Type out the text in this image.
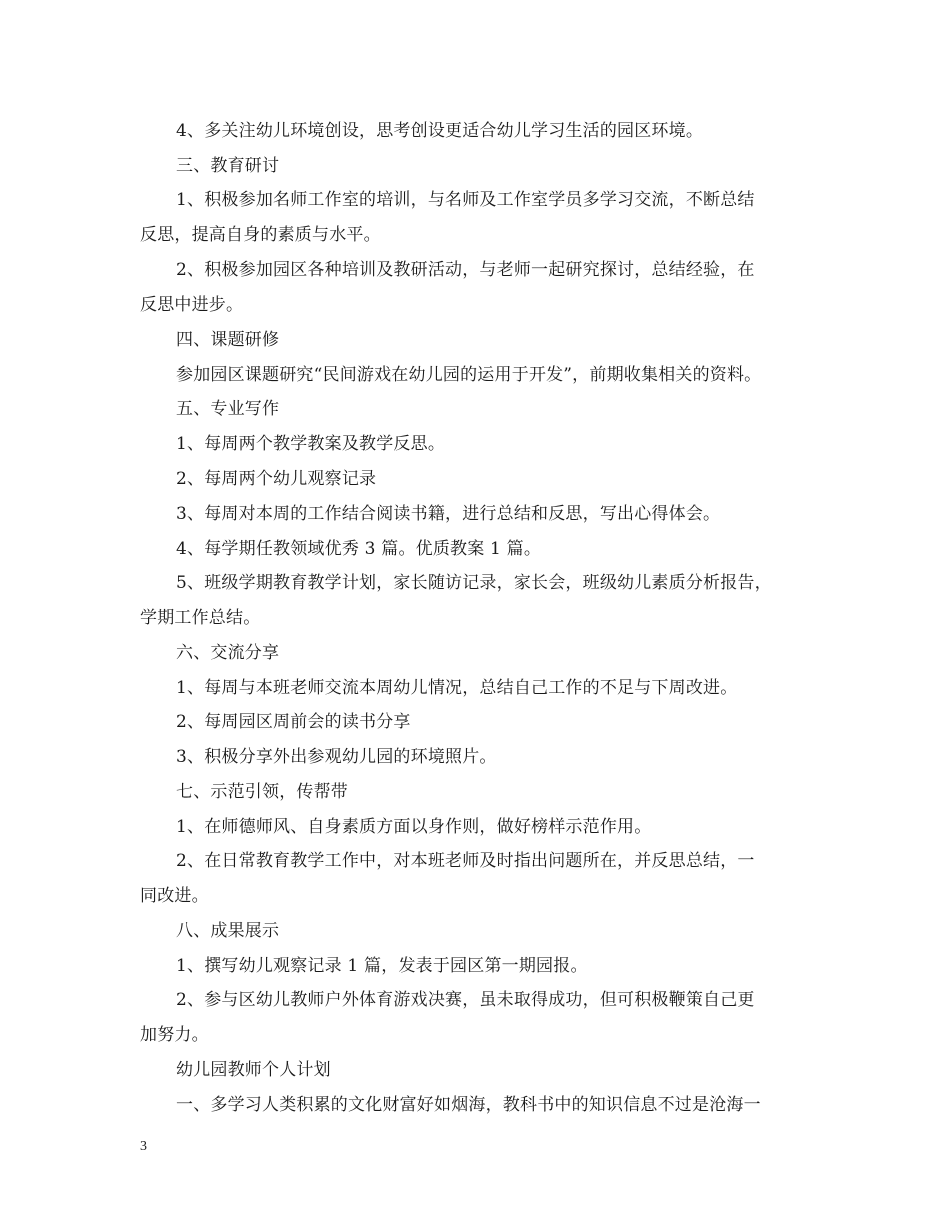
4、多关注幼儿环境创设，思考创设更适合幼儿学习生活的园区环境。
三、教育研讨
1、积极参加名师工作室的培训，与名师及工作室学员多学习交流，不断总结
反思，提高自身的素质与水平。
2、积极参加园区各种培训及教研活动，与老师一起研究探讨，总结经验，在
反思中进步。
四、课题研修
参加园区课题研究“民间游戏在幼儿园的运用于开发”，前期收集相关的资料。
五、专业写作
1、每周两个教学教案及教学反思。
2、每周两个幼儿观察记录
3、每周对本周的工作结合阅读书籍，进行总结和反思，写出心得体会。
4、每学期任教领域优秀 3 篇。优质教案 1 篇。
5、班级学期教育教学计划，家长随访记录，家长会，班级幼儿素质分析报告，
学期工作总结。
六、交流分享
1、每周与本班老师交流本周幼儿情况，总结自己工作的不足与下周改进。
2、每周园区周前会的读书分享
3、积极分享外出参观幼儿园的环境照片。
七、示范引领，传帮带
1、在师德师风、自身素质方面以身作则，做好榜样示范作用。
2、在日常教育教学工作中，对本班老师及时指出问题所在，并反思总结，一
同改进。
八、成果展示
1、撰写幼儿观察记录 1 篇，发表于园区第一期园报。
2、参与区幼儿教师户外体育游戏决赛，虽未取得成功，但可积极鞭策自己更
加努力。
幼儿园教师个人计划
一、多学习人类积累的文化财富好如烟海，教科书中的知识信息不过是沧海一
3
